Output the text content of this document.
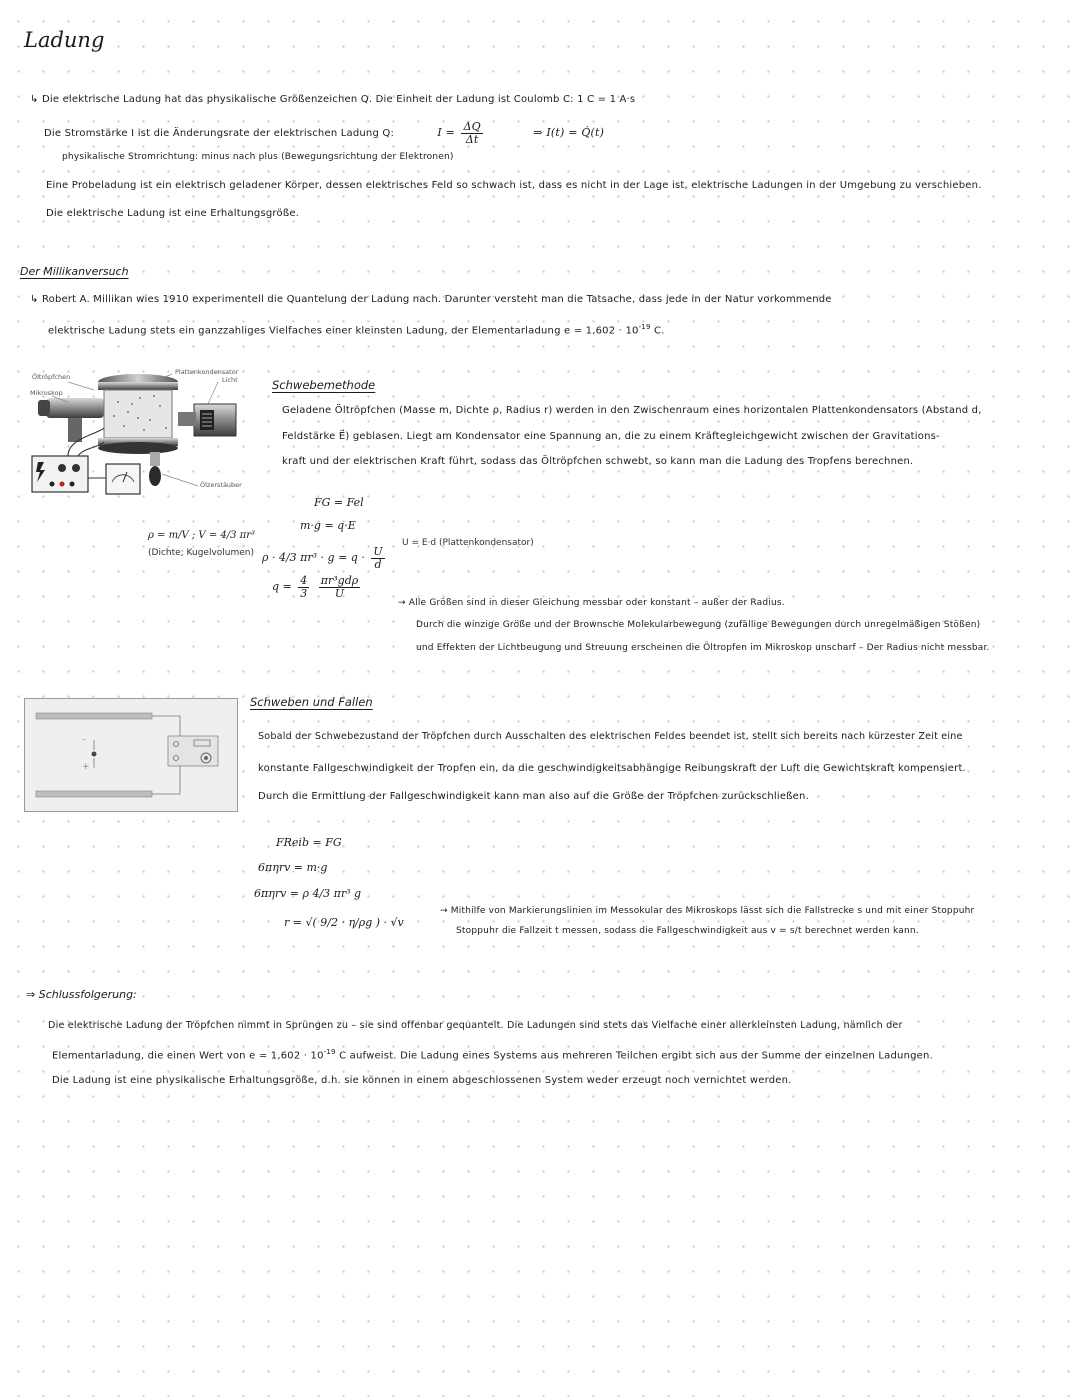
Ladung
↳ Die elektrische Ladung hat das physikalische Größenzeichen Q. Die Einheit der Ladung ist Coulomb C: 1 C = 1 A·s
Die Stromstärke I ist die Änderungsrate der elektrischen Ladung Q:	$I = \frac{\Delta Q}{\Delta t}$	⇒ I(t) = Q̇(t)
physikalische Stromrichtung: minus nach plus (Bewegungsrichtung der Elektronen)
Eine Probeladung ist ein elektrisch geladener Körper, dessen elektrisches Feld so schwach ist, dass es nicht in der Lage ist, elektrische Ladungen in der Umgebung zu verschieben.
Die elektrische Ladung ist eine Erhaltungsgröße.
Der Millikanversuch
↳ Robert A. Millikan wies 1910 experimentell die Quantelung der Ladung nach. Darunter versteht man die Tatsache, dass jede in der Natur vorkommende
elektrische Ladung stets ein ganzzahliges Vielfaches einer kleinsten Ladung, der Elementarladung $e = 1,602 \cdot 10^{-19}$ C.
Öltröpfchen
Mikroskop
Plattenkondensator
Licht
Ölzerstäuber
Schwebemethode
Geladene Öltröpfchen (Masse m, Dichte ρ, Radius r) werden in den Zwischenraum eines horizontalen Plattenkondensators (Abstand d,
Feldstärke E⃗) geblasen. Liegt am Kondensator eine Spannung an, die zu einem Kräftegleichgewicht zwischen der Gravitations-
kraft und der elektrischen Kraft führt, sodass das Öltröpfchen schwebt, so kann man die Ladung des Tropfens berechnen.
FG = Fel
m·g = q·E
ρ · 4/3 $\pi r^3 \cdot g = q \cdot \frac{U}{d}$
$q = \frac{4}{3}$
$\frac{\text{πr³gdρ}}{U}$
ρ = m/V ; V = 4/3 πr³
(Dichte; Kugelvolumen)
U = E·d (Plattenkondensator)
→ Alle Größen sind in dieser Gleichung messbar oder konstant – außer der Radius.
Durch die winzige Größe und der Brownsche Molekularbewegung (zufällige Bewegungen durch unregelmäßigen Stößen)
und Effekten der Lichtbeugung und Streuung erscheinen die Öltropfen im Mikroskop unscharf – Der Radius nicht messbar.
–
+
Schweben und Fallen
Sobald der Schwebezustand der Tröpfchen durch Ausschalten des elektrischen Feldes beendet ist, stellt sich bereits nach kürzester Zeit eine
konstante Fallgeschwindigkeit der Tropfen ein, da die geschwindigkeitsabhängige Reibungskraft der Luft die Gewichtskraft kompensiert.
Durch die Ermittlung der Fallgeschwindigkeit kann man also auf die Größe der Tröpfchen zurückschließen.
FReib = FG
6πηrv = m·g
6πηrv = ρ 4/3 πr³ g
r = √( 9/2 · η/ρg ) · √v
→ Mithilfe von Markierungslinien im Messokular des Mikroskops lässt sich die Fallstrecke s und mit einer Stoppuhr
Stoppuhr die Fallzeit t messen, sodass die Fallgeschwindigkeit aus v = s/t berechnet werden kann.
⇒ Schlussfolgerung:
Die elektrische Ladung der Tröpfchen nimmt in Sprüngen zu – sie sind offenbar gequantelt. Die Ladungen sind stets das Vielfache einer allerkleinsten Ladung, nämlich der
Elementarladung, die einen Wert von $e = 1,602 \cdot 10^{-19}$ C aufweist. Die Ladung eines Systems aus mehreren Teilchen ergibt sich aus der Summe der einzelnen Ladungen.
Die Ladung ist eine physikalische Erhaltungsgröße, d.h. sie können in einem abgeschlossenen System weder erzeugt noch vernichtet werden.
